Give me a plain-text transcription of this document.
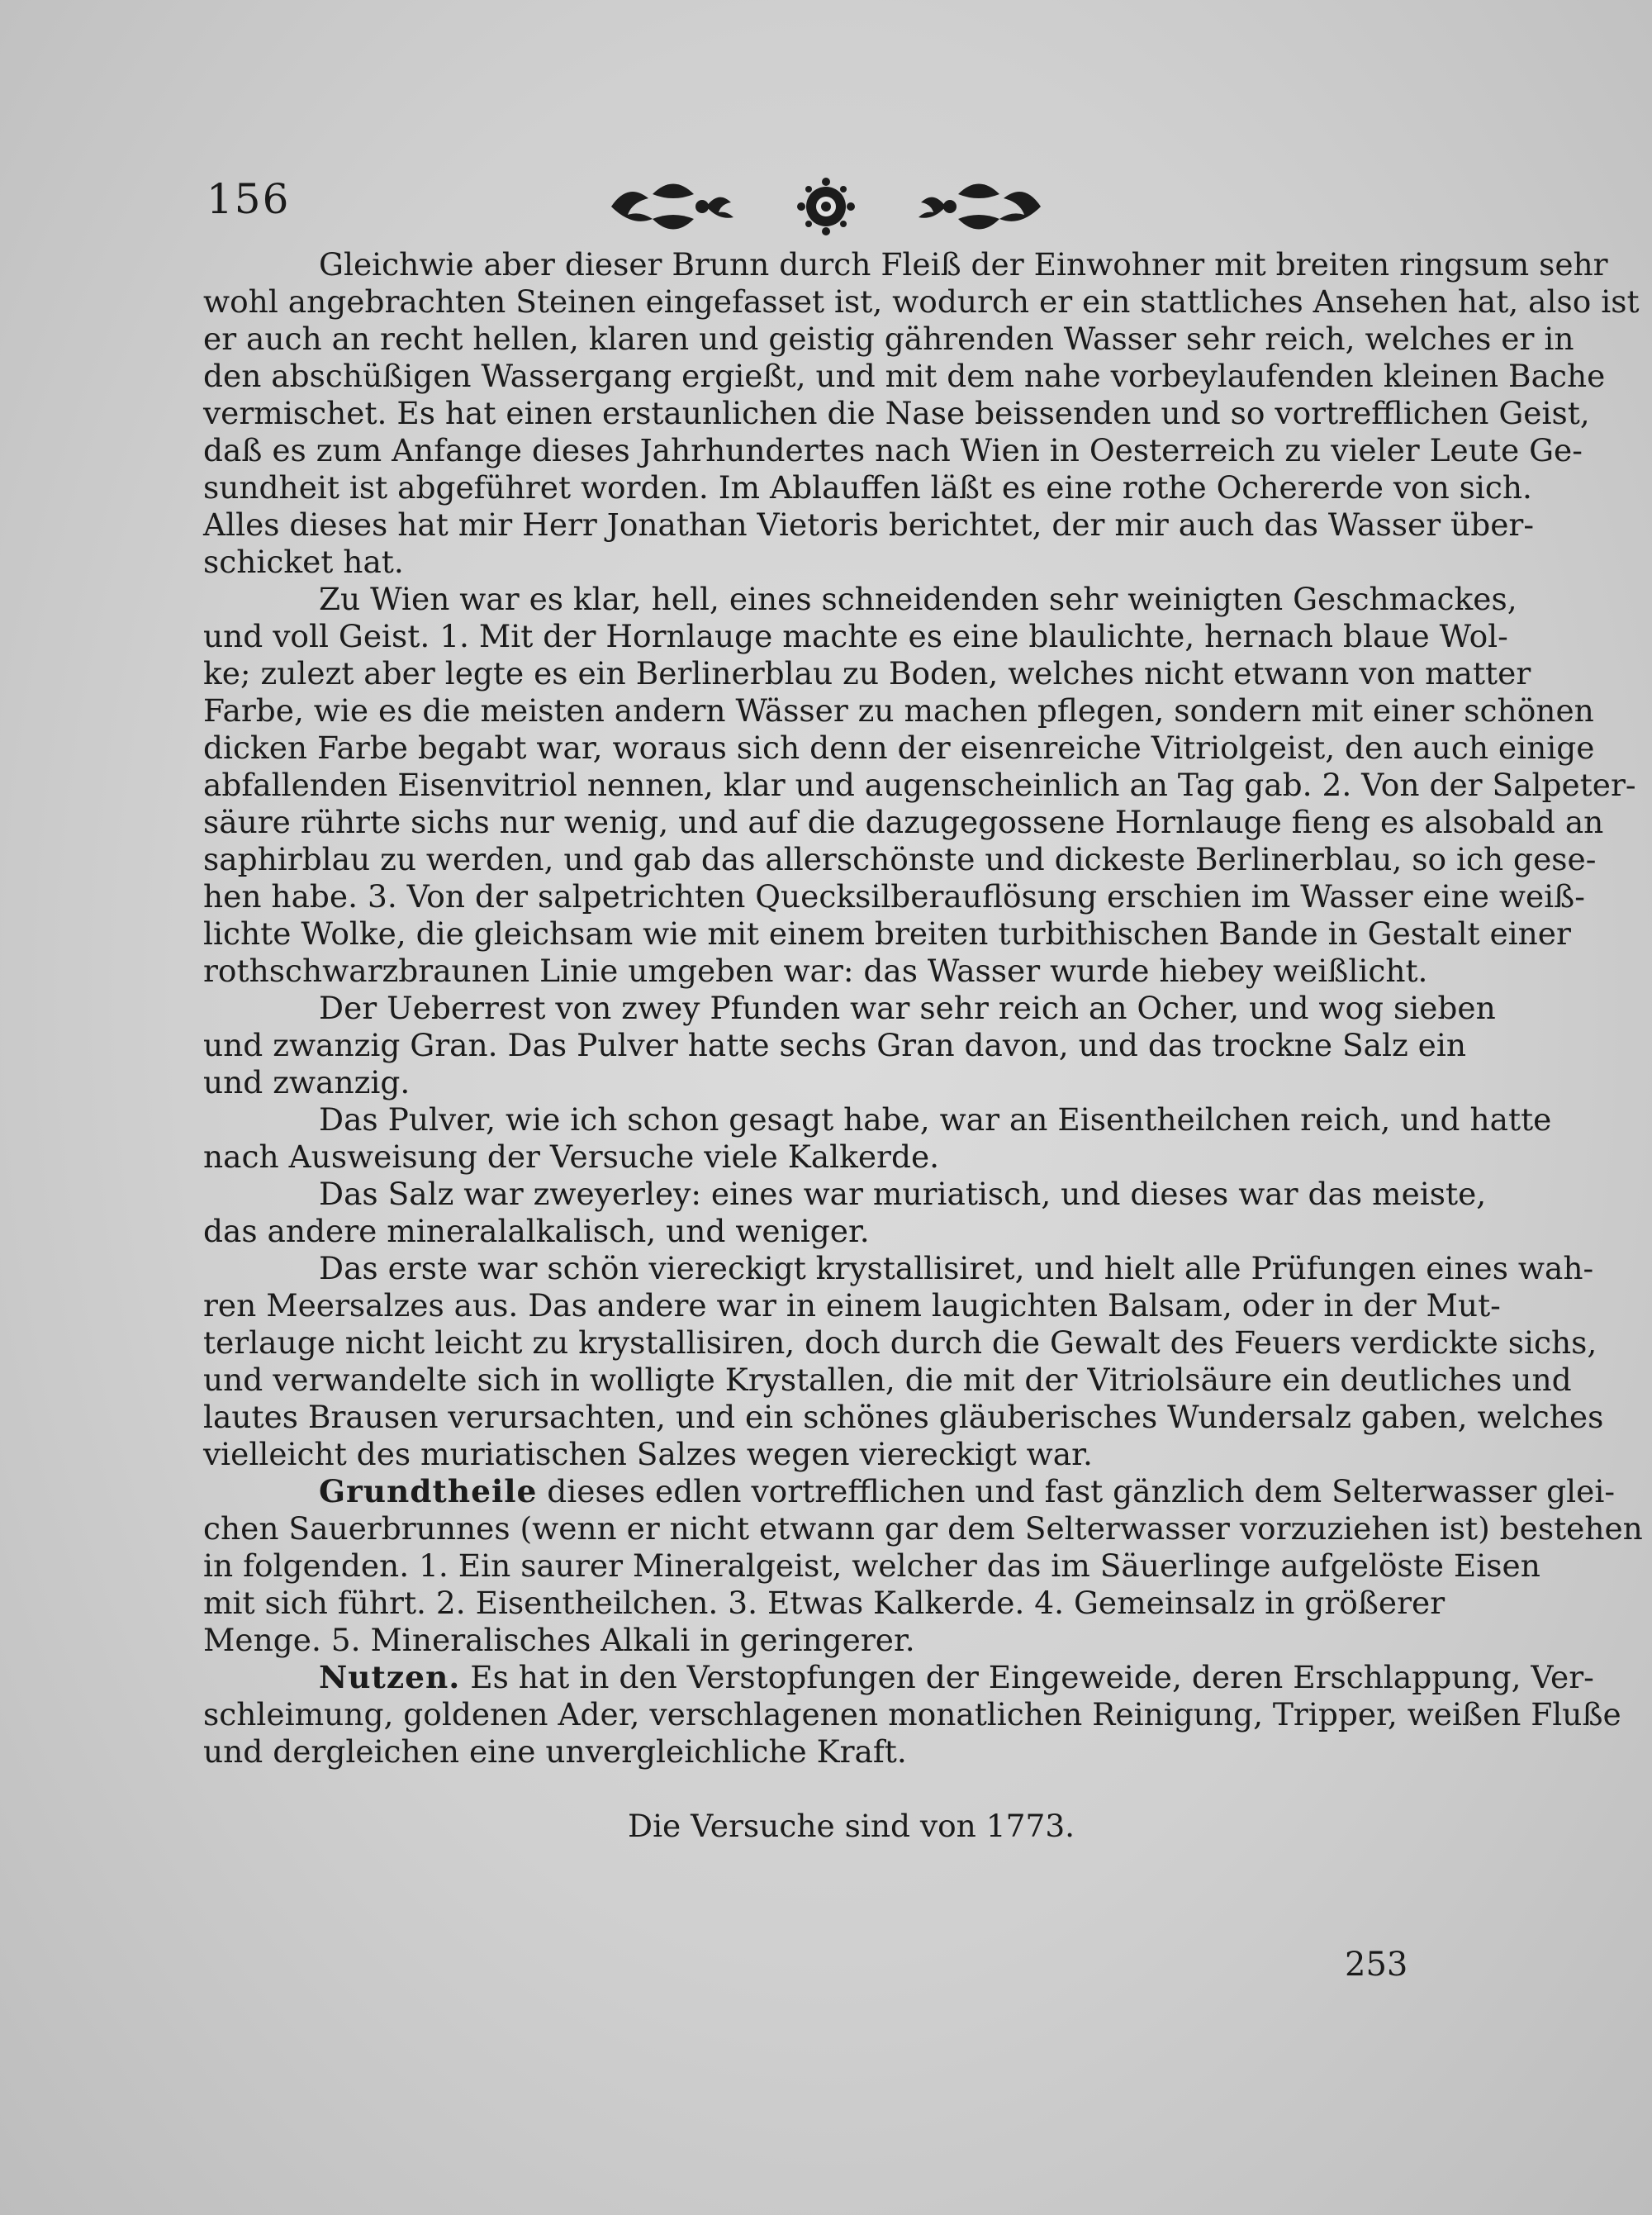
156

Gleichwie aber dieser Brunn durch Fleiß der Einwohner mit breiten ringsum sehr
wohl angebrachten Steinen eingefasset ist, wodurch er ein stattliches Ansehen hat, also ist
er auch an recht hellen, klaren und geistig gährenden Wasser sehr reich, welches er in
den abschüßigen Wassergang ergießt, und mit dem nahe vorbeylaufenden kleinen Bache
vermischet. Es hat einen erstaunlichen die Nase beissenden und so vortrefflichen Geist,
daß es zum Anfange dieses Jahrhundertes nach Wien in Oesterreich zu vieler Leute Ge-
sundheit ist abgeführet worden. Im Ablauffen läßt es eine rothe Ochererde von sich.
Alles dieses hat mir Herr Jonathan Vietoris berichtet, der mir auch das Wasser über-
schicket hat.

Zu Wien war es klar, hell, eines schneidenden sehr weinigten Geschmackes,
und voll Geist. 1. Mit der Hornlauge machte es eine blaulichte, hernach blaue Wol-
ke; zulezt aber legte es ein Berlinerblau zu Boden, welches nicht etwann von matter
Farbe, wie es die meisten andern Wässer zu machen pflegen, sondern mit einer schönen
dicken Farbe begabt war, woraus sich denn der eisenreiche Vitriolgeist, den auch einige
abfallenden Eisenvitriol nennen, klar und augenscheinlich an Tag gab. 2. Von der Salpeter-
säure rührte sichs nur wenig, und auf die dazugegossene Hornlauge fieng es alsobald an
saphirblau zu werden, und gab das allerschönste und dickeste Berlinerblau, so ich gese-
hen habe. 3. Von der salpetrichten Quecksilberauflösung erschien im Wasser eine weiß-
lichte Wolke, die gleichsam wie mit einem breiten turbithischen Bande in Gestalt einer
rothschwarzbraunen Linie umgeben war: das Wasser wurde hiebey weißlicht.

Der Ueberrest von zwey Pfunden war sehr reich an Ocher, und wog sieben
und zwanzig Gran. Das Pulver hatte sechs Gran davon, und das trockne Salz ein
und zwanzig.

Das Pulver, wie ich schon gesagt habe, war an Eisentheilchen reich, und hatte
nach Ausweisung der Versuche viele Kalkerde.

Das Salz war zweyerley: eines war muriatisch, und dieses war das meiste,
das andere mineralalkalisch, und weniger.

Das erste war schön viereckigt krystallisiret, und hielt alle Prüfungen eines wah-
ren Meersalzes aus. Das andere war in einem laugichten Balsam, oder in der Mut-
terlauge nicht leicht zu krystallisiren, doch durch die Gewalt des Feuers verdickte sichs,
und verwandelte sich in wolligte Krystallen, die mit der Vitriolsäure ein deutliches und
lautes Brausen verursachten, und ein schönes gläuberisches Wundersalz gaben, welches
vielleicht des muriatischen Salzes wegen viereckigt war.

Grundtheile dieses edlen vortrefflichen und fast gänzlich dem Selterwasser glei-
chen Sauerbrunnes (wenn er nicht etwann gar dem Selterwasser vorzuziehen ist) bestehen
in folgenden. 1. Ein saurer Mineralgeist, welcher das im Säuerlinge aufgelöste Eisen
mit sich führt. 2. Eisentheilchen. 3. Etwas Kalkerde. 4. Gemeinsalz in größerer
Menge. 5. Mineralisches Alkali in geringerer.

Nutzen. Es hat in den Verstopfungen der Eingeweide, deren Erschlappung, Ver-
schleimung, goldenen Ader, verschlagenen monatlichen Reinigung, Tripper, weißen Fluße
und dergleichen eine unvergleichliche Kraft.

Die Versuche sind von 1773.
253
